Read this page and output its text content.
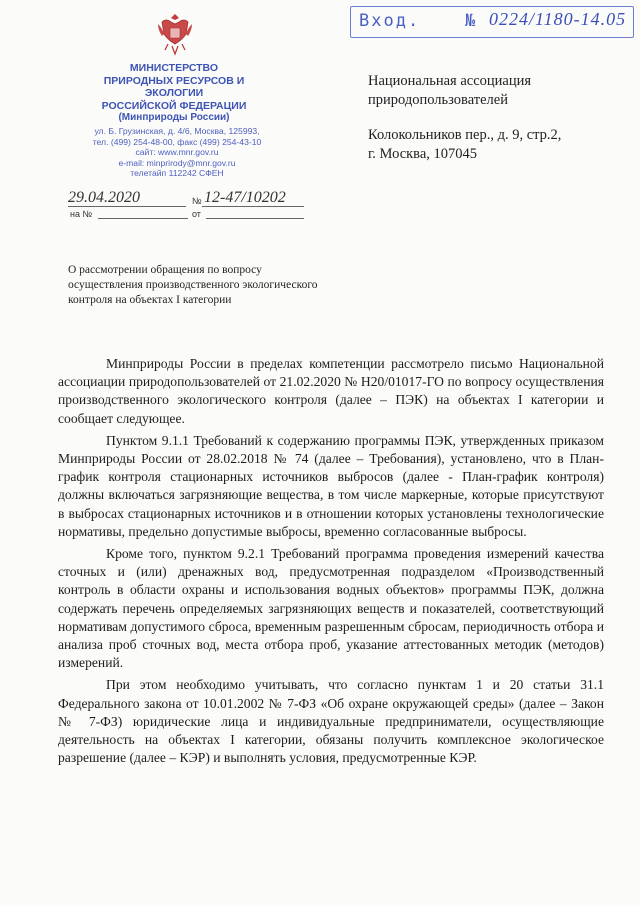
Вход.	№ 0224/1180-14.05
МИНИСТЕРСТВО
ПРИРОДНЫХ РЕСУРСОВ И ЭКОЛОГИИ
РОССИЙСКОЙ ФЕДЕРАЦИИ
(Минприроды России)
ул. Б. Грузинская, д. 4/6, Москва, 125993,
тел. (499) 254-48-00, факс (499) 254-43-10
сайт: www.mnr.gov.ru
e-mail: minprirody@mnr.gov.ru
телетайп 112242 СФЕН
29.04.2020	№ 12-47/10202
на №	от

Национальная ассоциация

природопользователей

Колокольников пер., д. 9, стр.2,

г. Москва, 107045

О рассмотрении обращения по вопросу

осуществления производственного экологического

контроля на объектах I категории

Минприроды России в пределах компетенции рассмотрело письмо Национальной ассоциации природопользователей от 21.02.2020 № Н20/01017-ГО по вопросу осуществления производственного экологического контроля (далее – ПЭК) на объектах I категории и сообщает следующее.

Пунктом 9.1.1 Требований к содержанию программы ПЭК, утвержденных приказом Минприроды России от 28.02.2018 № 74 (далее – Требования), установлено, что в План-график контроля стационарных источников выбросов (далее - План-график контроля) должны включаться загрязняющие вещества, в том числе маркерные, которые присутствуют в выбросах стационарных источников и в отношении которых установлены технологические нормативы, предельно допустимые выбросы, временно согласованные выбросы.

Кроме того, пунктом 9.2.1 Требований программа проведения измерений качества сточных и (или) дренажных вод, предусмотренная подразделом «Производственный контроль в области охраны и использования водных объектов» программы ПЭК, должна содержать перечень определяемых загрязняющих веществ и показателей, соответствующий нормативам допустимого сброса, временным разрешенным сбросам, периодичность отбора и анализа проб сточных вод, места отбора проб, указание аттестованных методик (методов) измерений.

При этом необходимо учитывать, что согласно пунктам 1 и 20 статьи 31.1 Федерального закона от 10.01.2002 № 7-ФЗ «Об охране окружающей среды» (далее – Закон № 7-ФЗ) юридические лица и индивидуальные предприниматели, осуществляющие деятельность на объектах I категории, обязаны получить комплексное экологическое разрешение (далее – КЭР) и выполнять условия, предусмотренные КЭР.
